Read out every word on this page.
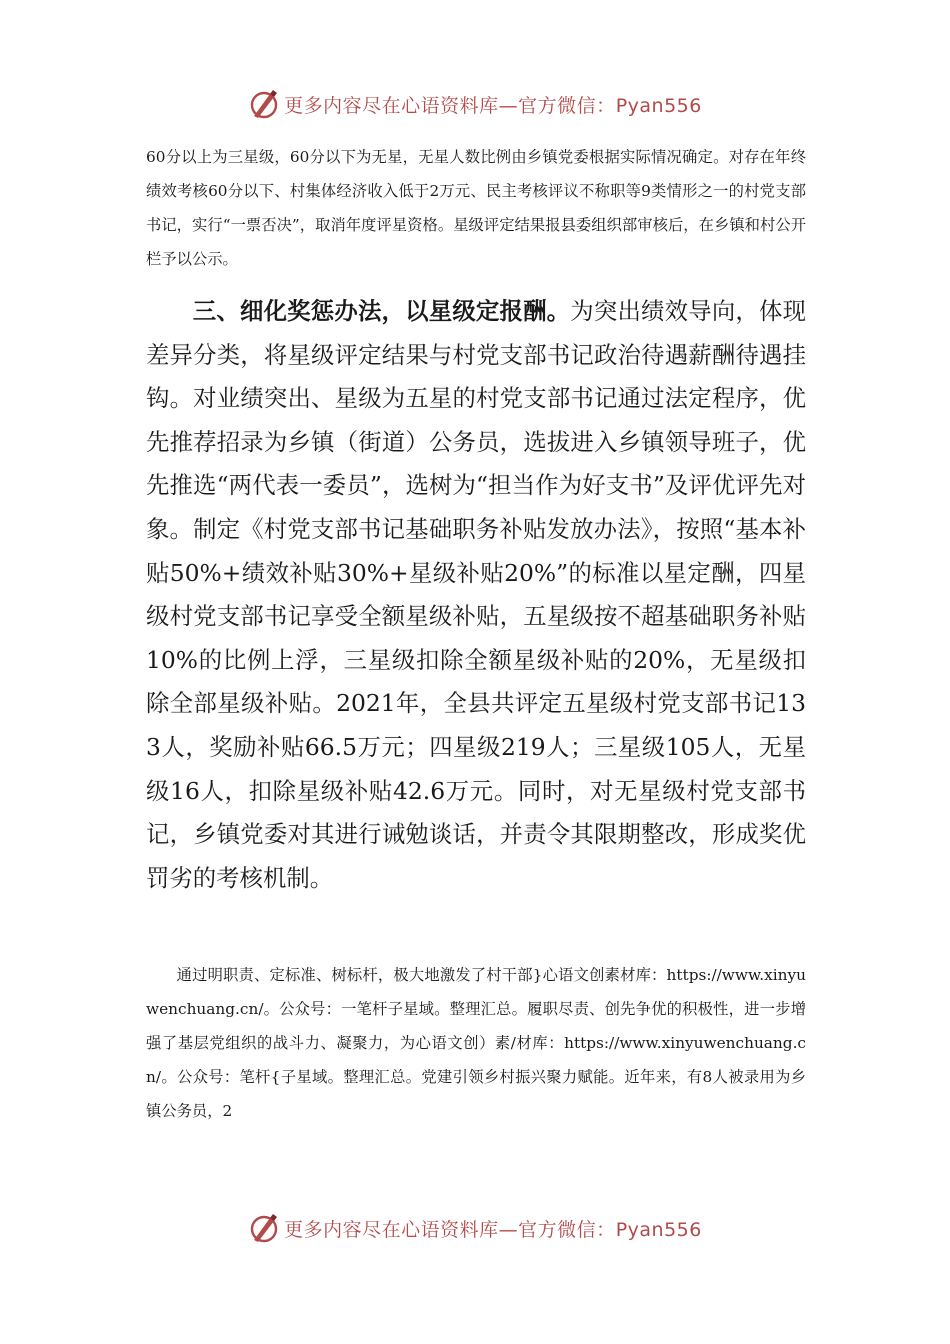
更多内容尽在心语资料库—官方微信：Pyan556

60分以上为三星级，60分以下为无星，无星人数比例由乡镇党委根据实际情况确定。对存在年终绩效考核60分以下、村集体经济收入低于2万元、民主考核评议不称职等9类情形之一的村党支部书记，实行“一票否决”，取消年度评星资格。星级评定结果报县委组织部审核后，在乡镇和村公开栏予以公示。

三、细化奖惩办法，以星级定报酬。为突出绩效导向，体现差异分类，将星级评定结果与村党支部书记政治待遇薪酬待遇挂钩。对业绩突出、星级为五星的村党支部书记通过法定程序，优先推荐招录为乡镇（街道）公务员，选拔进入乡镇领导班子，优先推选“两代表一委员”，选树为“担当作为好支书”及评优评先对象。制定《村党支部书记基础职务补贴发放办法》，按照“基本补贴50%+绩效补贴30%+星级补贴20%”的标准以星定酬，四星级村党支部书记享受全额星级补贴，五星级按不超基础职务补贴10%的比例上浮，三星级扣除全额星级补贴的20%，无星级扣除全部星级补贴。2021年，全县共评定五星级村党支部书记133人，奖励补贴66.5万元；四星级219人；三星级105人，无星级16人，扣除星级补贴42.6万元。同时，对无星级村党支部书记，乡镇党委对其进行诫勉谈话，并责令其限期整改，形成奖优罚劣的考核机制。

通过明职责、定标准、树标杆，极大地激发了村干部}心语文创素材库：https://www.xinyuwenchuang.cn/。公众号：一笔杆子星域。整理汇总。履职尽责、创先争优的积极性，进一步增强了基层党组织的战斗力、凝聚力，为心语文创）素/材库：https://www.xinyuwenchuang.cn/。公众号：笔杆{子星域。整理汇总。党建引领乡村振兴聚力赋能。近年来，有8人被录用为乡镇公务员，2

更多内容尽在心语资料库—官方微信：Pyan556
